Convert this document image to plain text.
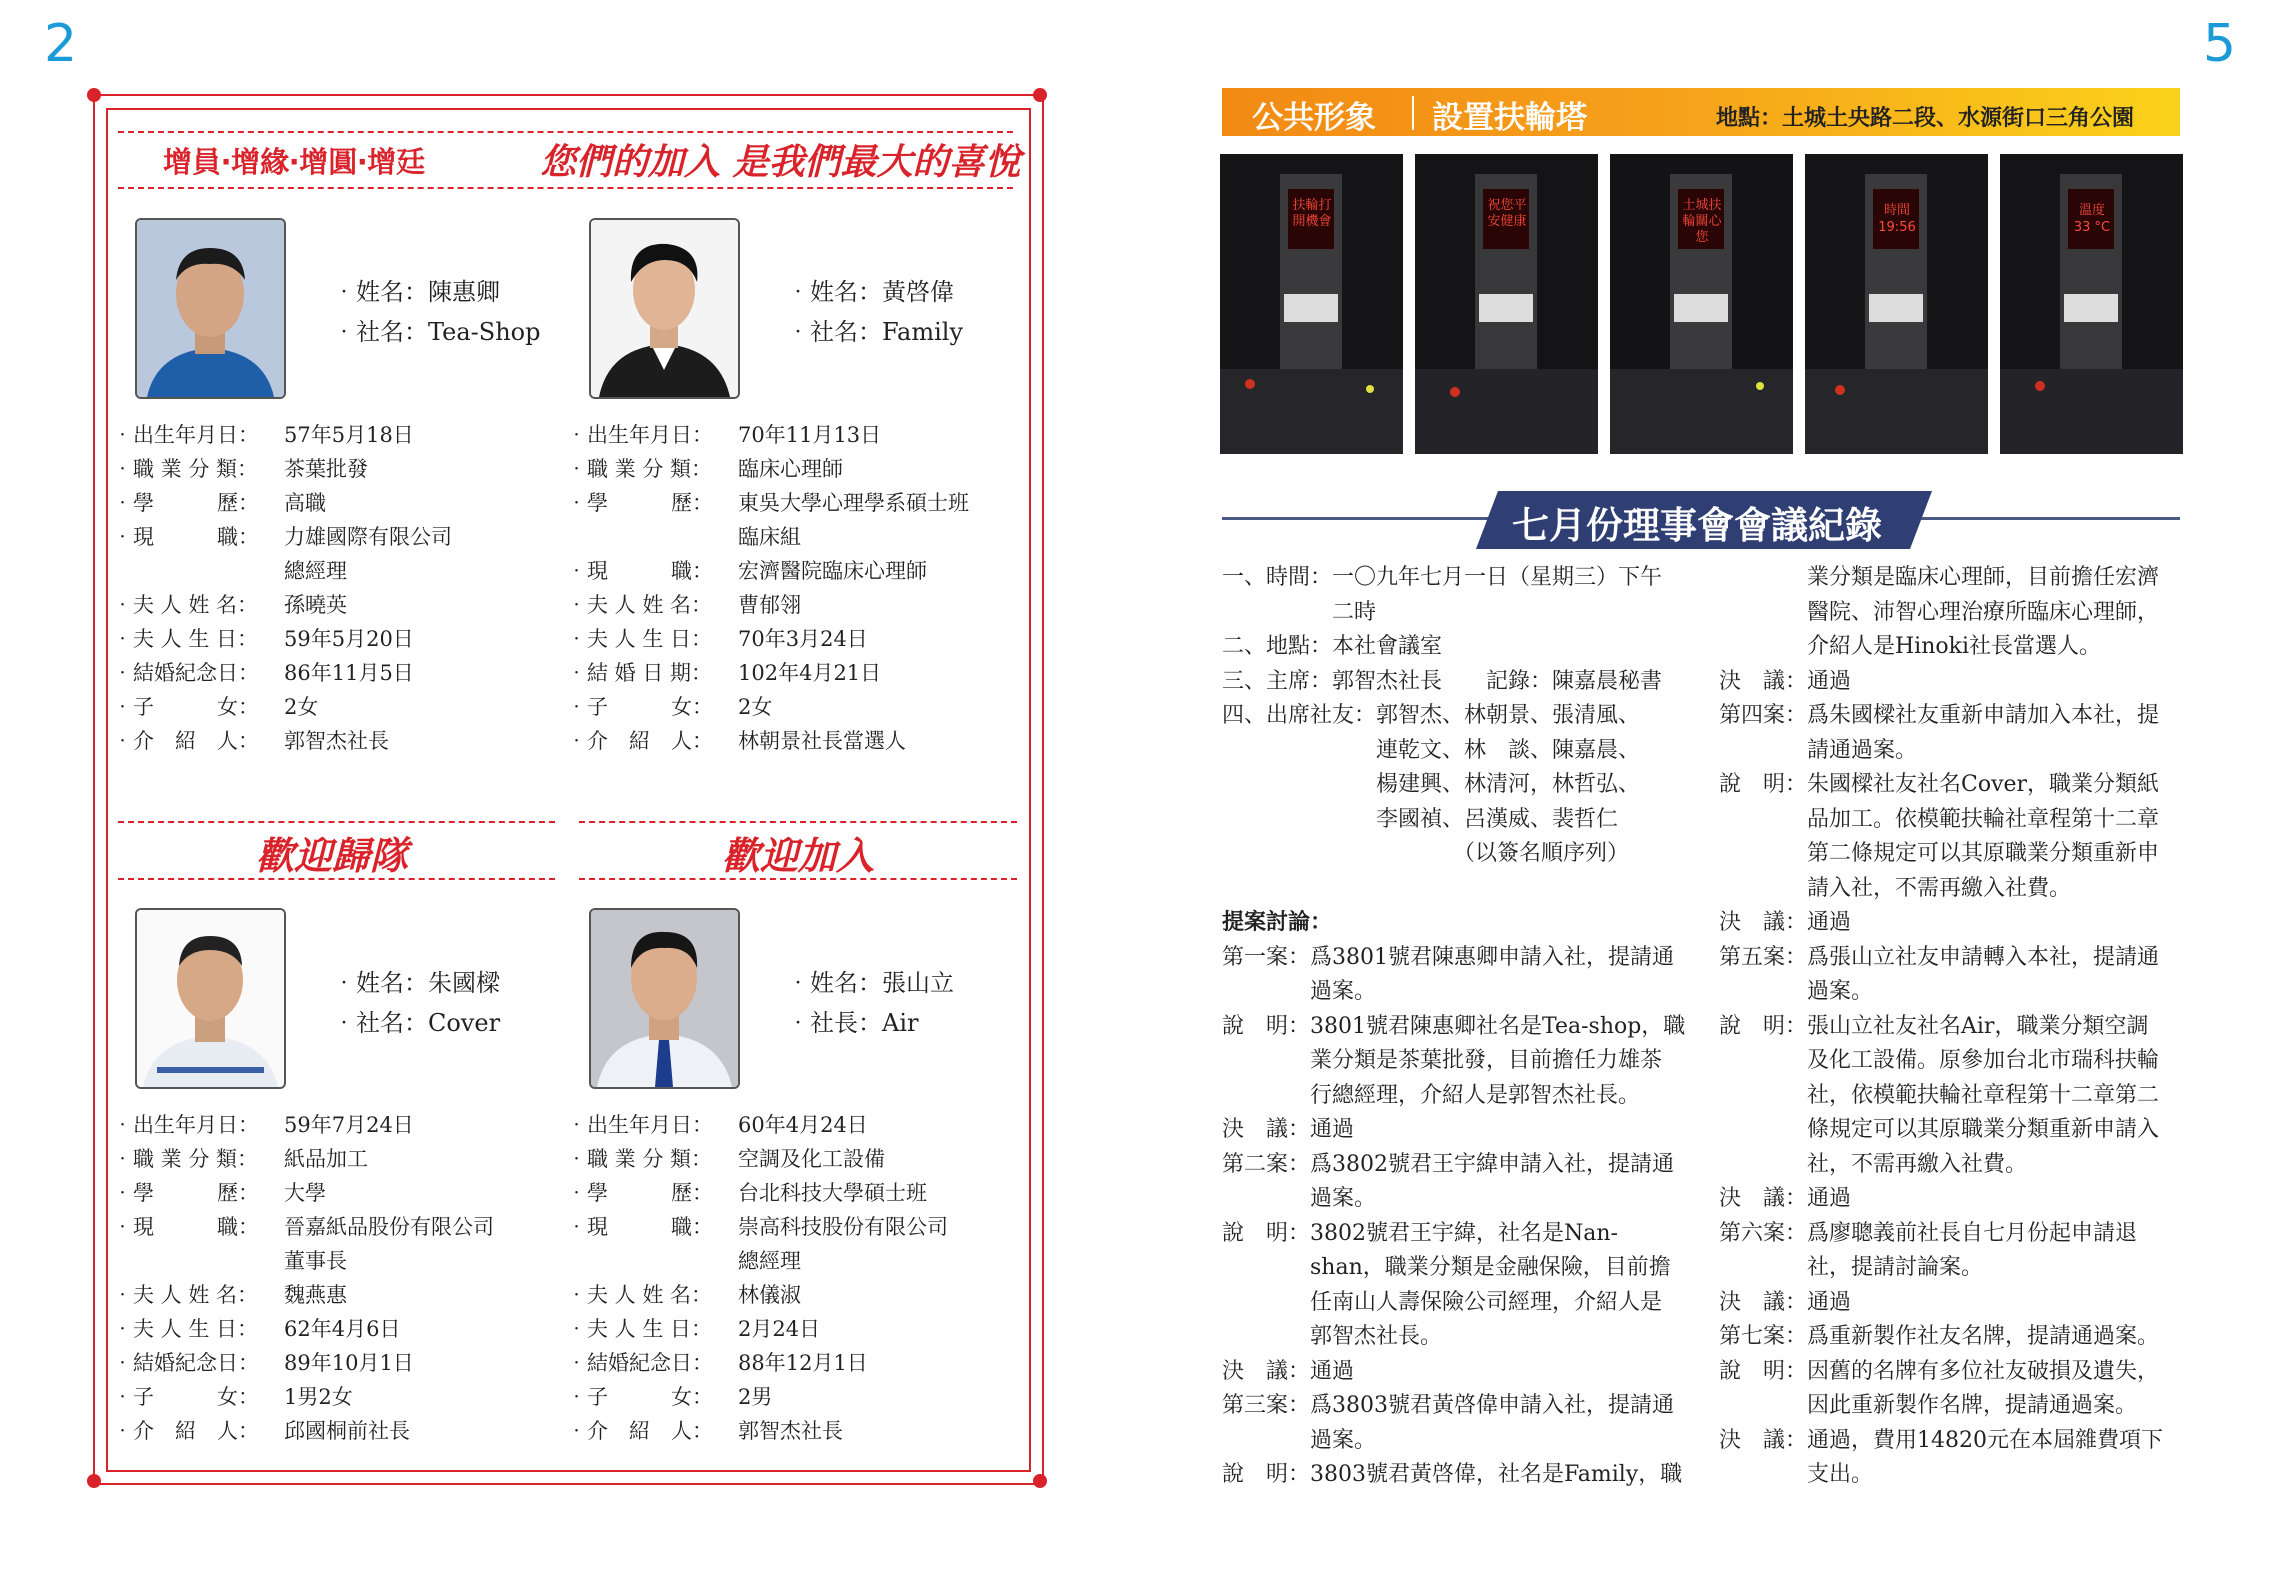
2	5
增員‧增緣‧增圓‧增廷	您們的加入 是我們最大的喜悅
歡迎歸隊	歡迎加入
‧姓名：陳惠卿
‧社名：Tea-Shop
‧姓名：黃啓偉
‧社名：Family
‧姓名：朱國樑
‧社名：Cover
‧姓名：張山立
‧社長：Air
‧出生年月日：	57年5月18日
‧職 業 分 類：	茶葉批發
‧學　　　歷：	高職
‧現　　　職：	力雄國際有限公司
總經理
‧夫 人 姓 名：	孫曉英
‧夫 人 生 日：	59年5月20日
‧結婚紀念日：	86年11月5日
‧子　　　女：	2女
‧介　紹　人：	郭智杰社長
‧出生年月日：	70年11月13日
‧職 業 分 類：	臨床心理師
‧學　　　歷：	東吳大學心理學系碩士班
臨床組
‧現　　　職：	宏濟醫院臨床心理師
‧夫 人 姓 名：	曹郁翎
‧夫 人 生 日：	70年3月24日
‧結 婚 日 期：	102年4月21日
‧子　　　女：	2女
‧介　紹　人：	林朝景社長當選人
‧出生年月日：	59年7月24日
‧職 業 分 類：	紙品加工
‧學　　　歷：	大學
‧現　　　職：	晉嘉紙品股份有限公司
董事長
‧夫 人 姓 名：	魏燕惠
‧夫 人 生 日：	62年4月6日
‧結婚紀念日：	89年10月1日
‧子　　　女：	1男2女
‧介　紹　人：	邱國桐前社長
‧出生年月日：	60年4月24日
‧職 業 分 類：	空調及化工設備
‧學　　　歷：	台北科技大學碩士班
‧現　　　職：	崇高科技股份有限公司
總經理
‧夫 人 姓 名：	林儀淑
‧夫 人 生 日：	2月24日
‧結婚紀念日：	88年12月1日
‧子　　　女：	2男
‧介　紹　人：	郭智杰社長
公共形象 設置扶輪塔	地點：土城土央路二段、水源街口三角公園
扶輪打開機會
祝您平安健康
土城扶輪關心您
時間 19:56
溫度 33 °C
七月份理事會會議紀錄
一、時間：一〇九年七月一日（星期三）下午
　　　　　二時
二、地點：本社會議室
三、主席：郭智杰社長　　記錄：陳嘉晨秘書
四、出席社友：郭智杰、林朝景、張清風、
　　　　　　　連乾文、林　談、陳嘉晨、
　　　　　　　楊建興、林清河，林哲弘、
　　　　　　　李國禎、呂漢威、裴哲仁
　　　　　　　　　　　（以簽名順序列）
提案討論：
第一案：爲3801號君陳惠卿申請入社，提請通
　　　　過案。
說　明：3801號君陳惠卿社名是Tea-shop，職
　　　　業分類是茶葉批發，目前擔任力雄茶
　　　　行總經理，介紹人是郭智杰社長。
決　議：通過
第二案：爲3802號君王宇緯申請入社，提請通
　　　　過案。
說　明：3802號君王宇緯，社名是Nan-
　　　　shan，職業分類是金融保險，目前擔
　　　　任南山人壽保險公司經理，介紹人是
　　　　郭智杰社長。
決　議：通過
第三案：爲3803號君黃啓偉申請入社，提請通
　　　　過案。
說　明：3803號君黃啓偉，社名是Family，職
　　　　業分類是臨床心理師，目前擔任宏濟
　　　　醫院、沛智心理治療所臨床心理師，
　　　　介紹人是Hinoki社長當選人。
決　議：通過
第四案：爲朱國樑社友重新申請加入本社，提
　　　　請通過案。
說　明：朱國樑社友社名Cover，職業分類紙
　　　　品加工。依模範扶輪社章程第十二章
　　　　第二條規定可以其原職業分類重新申
　　　　請入社，不需再繳入社費。
決　議：通過
第五案：爲張山立社友申請轉入本社，提請通
　　　　過案。
說　明：張山立社友社名Air，職業分類空調
　　　　及化工設備。原參加台北市瑞科扶輪
　　　　社，依模範扶輪社章程第十二章第二
　　　　條規定可以其原職業分類重新申請入
　　　　社，不需再繳入社費。
決　議：通過
第六案：爲廖聰義前社長自七月份起申請退
　　　　社，提請討論案。
決　議：通過
第七案：爲重新製作社友名牌，提請通過案。
說　明：因舊的名牌有多位社友破損及遺失，
　　　　因此重新製作名牌，提請通過案。
決　議：通過，費用14820元在本屆雜費項下
　　　　支出。
